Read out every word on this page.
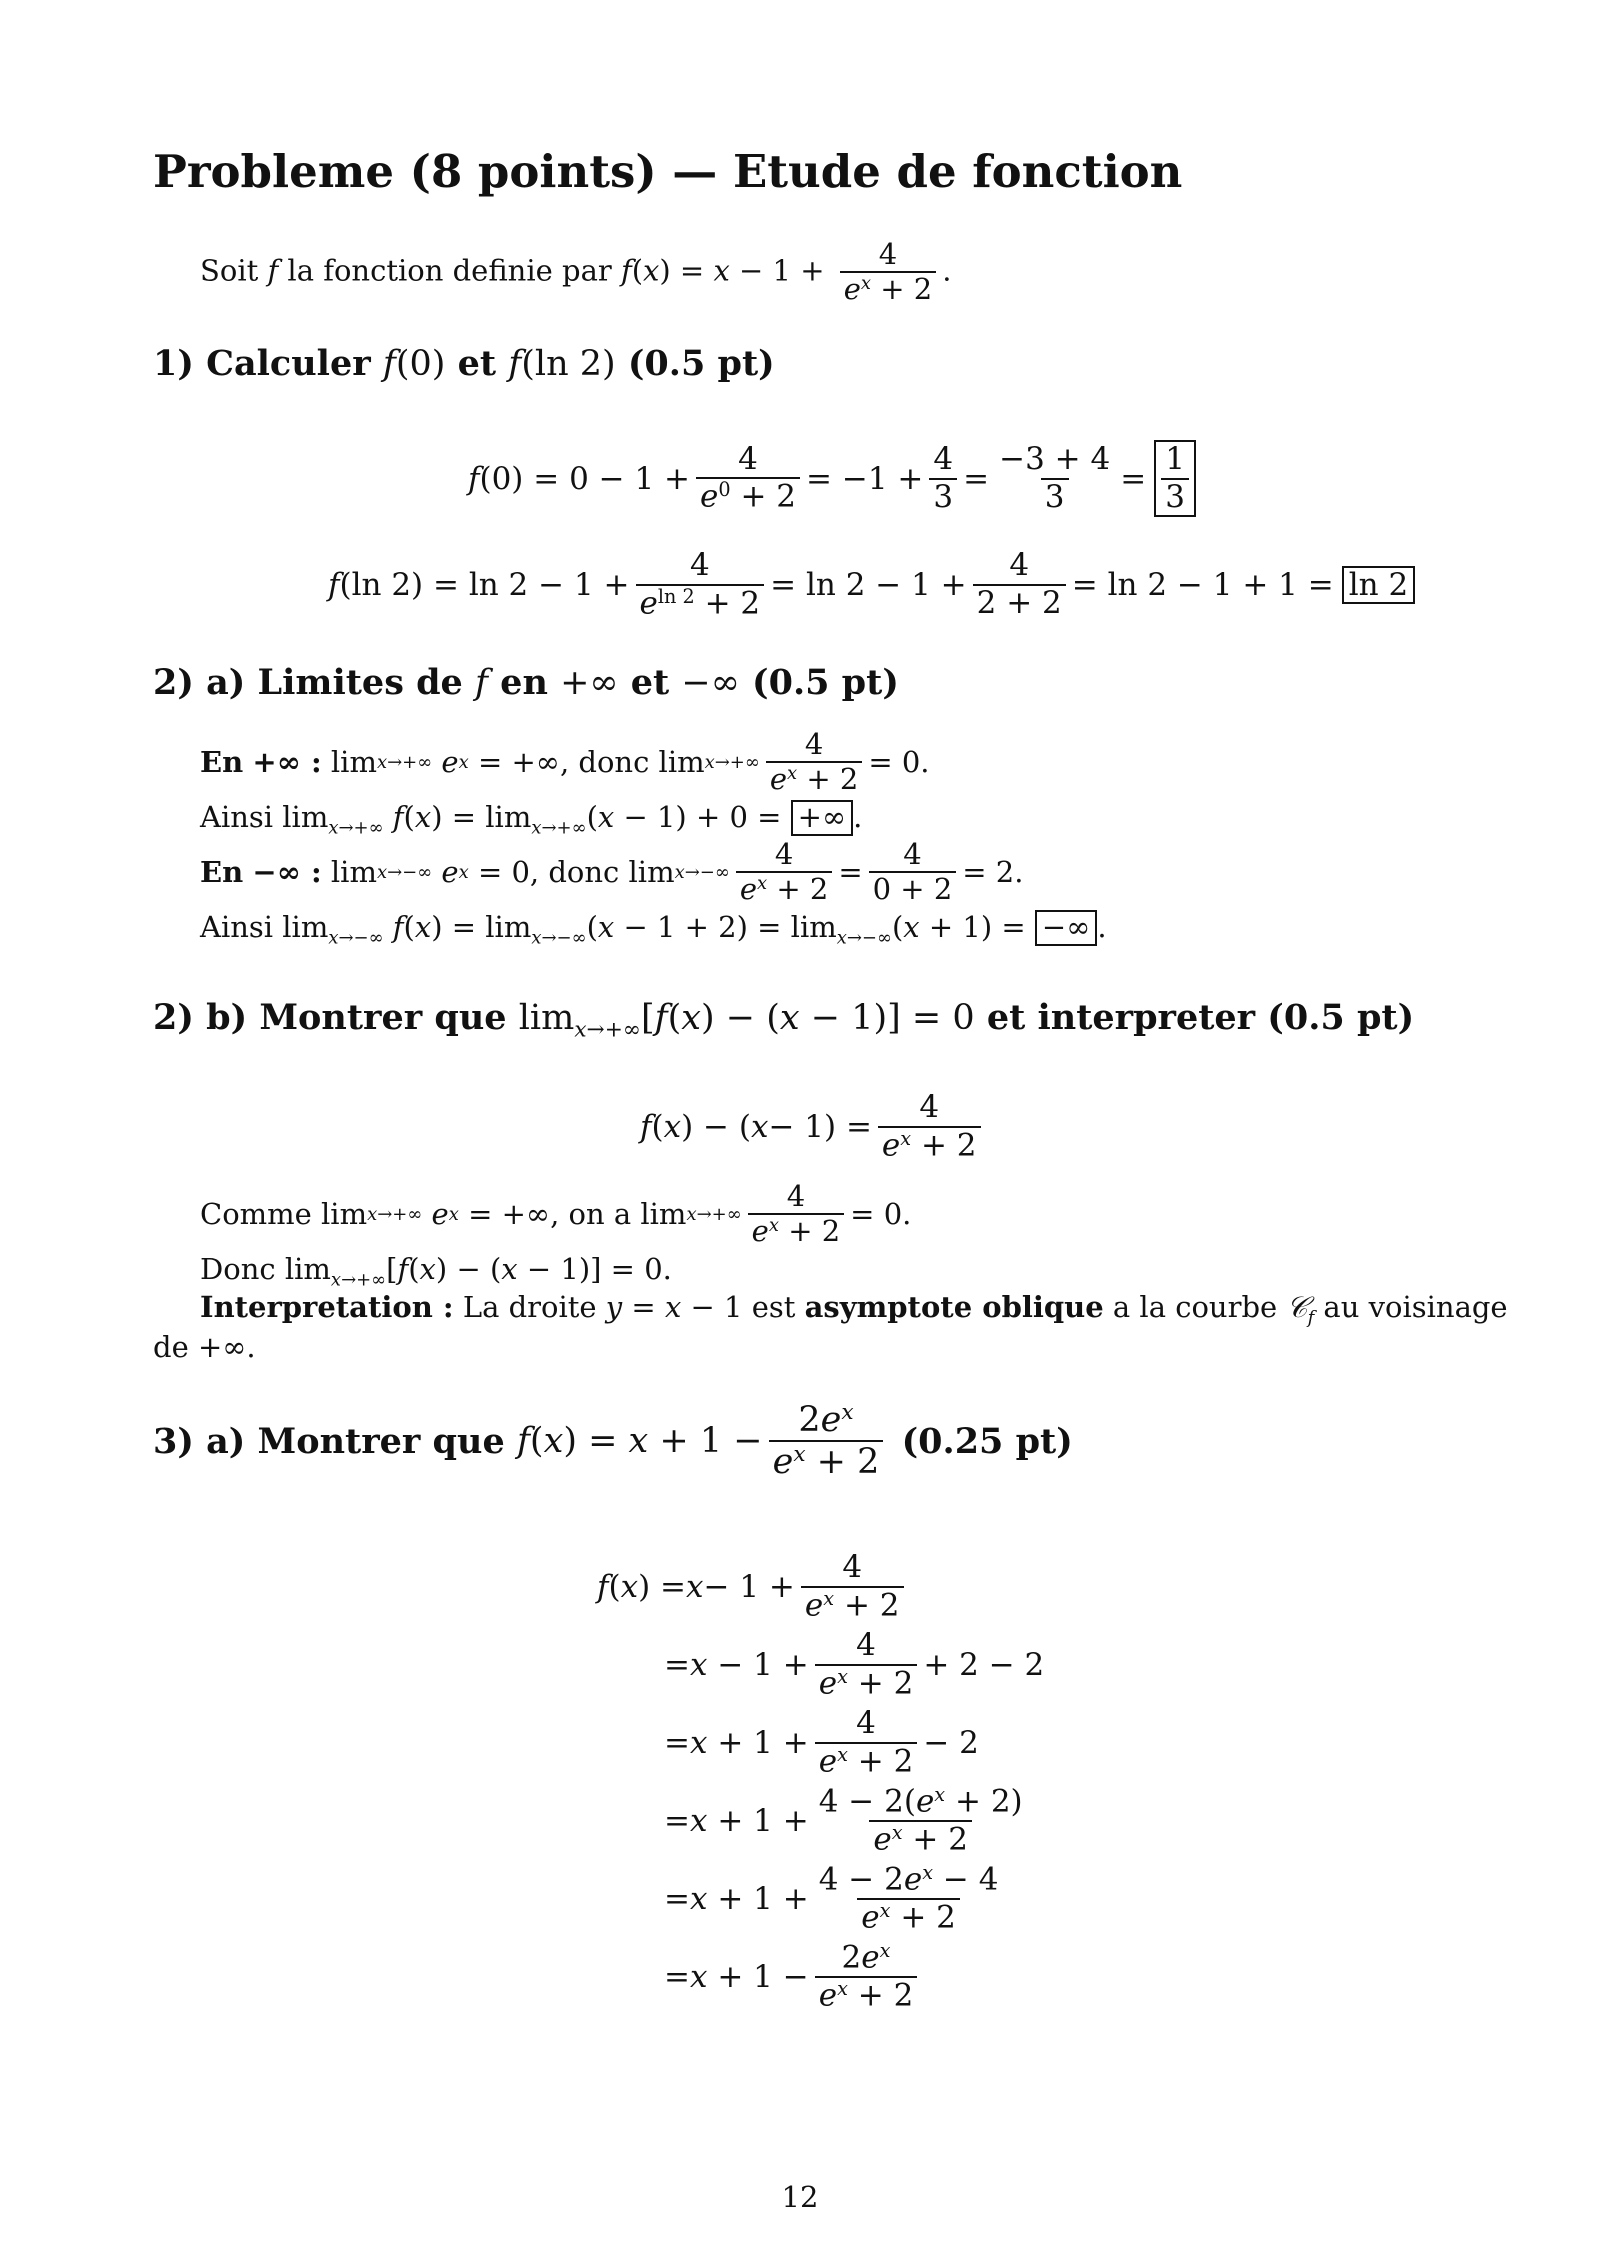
Probleme (8 points) — Etude de fonction
Soit f la fonction definie par $f(x) = x - 1 + \frac{4}{e^x + 2}$ .
1) Calculer f(0) et f(ln 2) (0.5 pt)
f (0) = 0 − 1 +
4
$e^0 + 2$
= −1 +
4
3 =
−3 + 4
$3 = \frac{1}{3}$
f (ln 2) = ln 2 − 1 +
4
$e^{ln 2} + 2$
= ln 2 − 1 +
4
2 + 2 = ln 2 − 1 + 1 = ln 2
2) a) Limites de f en +∞ et −∞ (0.5 pt)
En
+∞ : lim x→+∞
e x = +∞ , donc lim x→+∞
4
$e^x + 2 = 0$.
Ainsi $\lim_{x\to+\infty} f(x) = \lim_{x\to+\infty}(x - 1) + 0$ = +∞ .
En
−∞ : lim x→−∞
e x = 0 , donc lim x→−∞
4
$e^x + 2$ =
4
0 + 2 = 2.
Ainsi $\lim_{x\to-\infty} f(x) = \lim_{x\to-\infty}(x - 1 + 2) = \lim_{x\to-\infty}(x + 1)$ = −∞ .
2) b) Montrer que $\lim_{x\to+\infty}[f(x) - (x - 1)] = 0$ et interpreter (0.5 pt)
f ( x ) − ( x − 1) =
4
$e^x + 2$
Comme lim x→+∞
e x = +∞ , on a lim x→+∞
4
$e^x + 2 = 0$.
Donc $\lim_{x\to+\infty}[f(x) - (x - 1)] = 0$.
Interpretation : La droite y = x − 1 est asymptote oblique a la courbe 𝒞$_f$ au voisinage
de +∞.
3) a) Montrer que
$f(x) = x + 1 - \frac{2e^x}{e^x + 2}$
(0.25 pt)
f ( x ) = x − 1 +
4
$e^x + 2$
= x − 1 +
4
$e^x + 2$
+ 2 − 2
= x + 1 +
4
$e^x + 2$
− 2
= x + 1 +
$4 - 2(e^x + 2)$
$e^x + 2$
= x + 1 +
$4 - 2e^x - 4$
$e^x + 2$
= x + 1 −
$2e^x$
$e^x + 2$
12
